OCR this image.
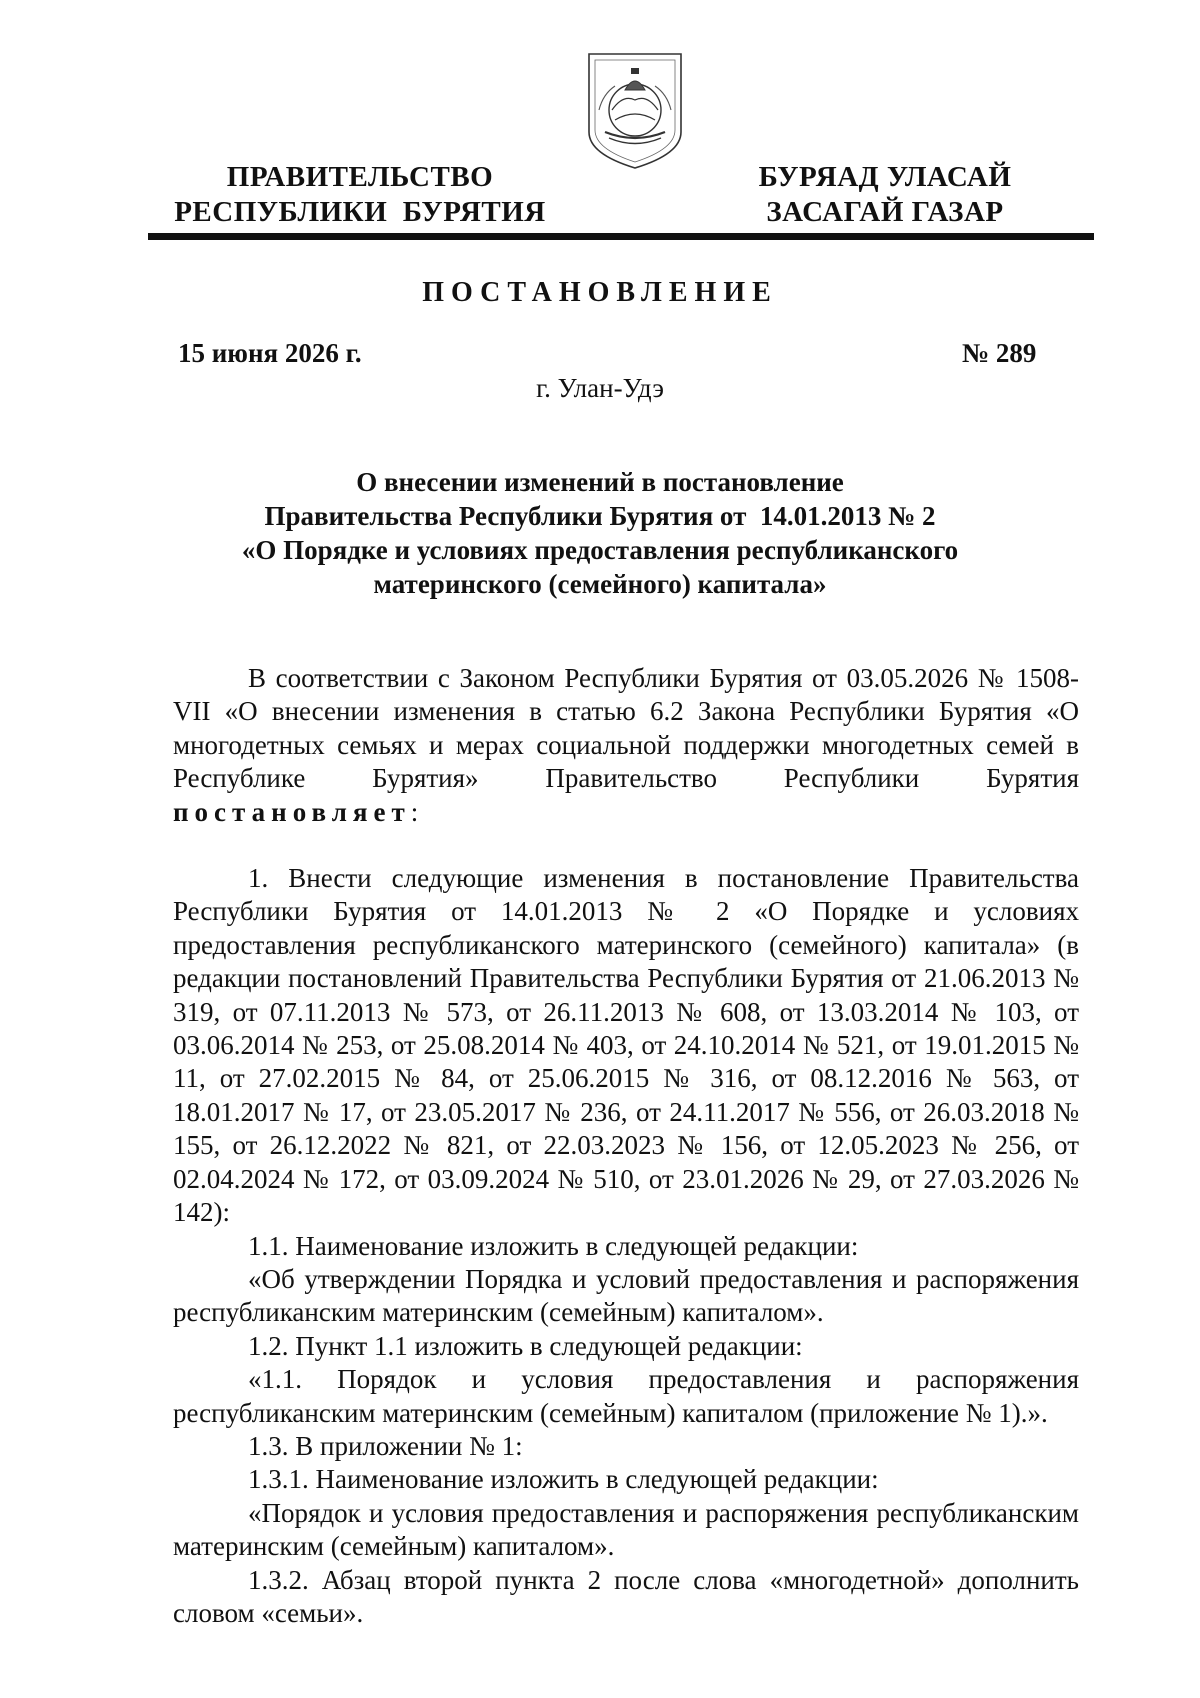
ПРАВИТЕЛЬСТВО
РЕСПУБЛИКИ  БУРЯТИЯ
БУРЯАД УЛАСАЙ
ЗАСАГАЙ ГАЗАР
ПОСТАНОВЛЕНИЕ
15 июня 2026 г.	№ 289
г. Улан-Удэ
О внесении изменений в постановление
Правительства Республики Бурятия от  14.01.2013 № 2
«О Порядке и условиях предоставления республиканского
материнского (семейного) капитала»

В соответствии с Законом Республики Бурятия от 03.05.2026 № 1508-VII «О внесении изменения в статью 6.2 Закона Республики Бурятия «О многодетных семьях и мерах социальной поддержки многодетных семей в Республике Бурятия» Правительство Республики Бурятия постановляет:

1. Внести следующие изменения в постановление Правительства Республики Бурятия от 14.01.2013 № 2 «О Порядке и условиях предоставления республиканского материнского (семейного) капитала» (в редакции постановлений Правительства Республики Бурятия от 21.06.2013 № 319, от 07.11.2013 № 573, от 26.11.2013 № 608, от 13.03.2014 № 103, от 03.06.2014 № 253, от 25.08.2014 № 403, от 24.10.2014 № 521, от 19.01.2015 № 11, от 27.02.2015 № 84, от 25.06.2015 № 316, от 08.12.2016 № 563, от 18.01.2017 № 17, от 23.05.2017 № 236, от 24.11.2017 № 556, от 26.03.2018 № 155, от 26.12.2022 № 821, от 22.03.2023 № 156, от 12.05.2023 № 256, от 02.04.2024 № 172, от 03.09.2024 № 510, от 23.01.2026 № 29, от 27.03.2026 № 142):

1.1. Наименование изложить в следующей редакции:

«Об утверждении Порядка и условий предоставления и распоряжения республиканским материнским (семейным) капиталом».

1.2. Пункт 1.1 изложить в следующей редакции:

«1.1. Порядок и условия предоставления и распоряжения республиканским материнским (семейным) капиталом (приложение № 1).».

1.3. В приложении № 1:

1.3.1. Наименование изложить в следующей редакции:

«Порядок и условия предоставления и распоряжения республиканским материнским (семейным) капиталом».

1.3.2. Абзац второй пункта 2 после слова «многодетной» дополнить словом «семьи».
